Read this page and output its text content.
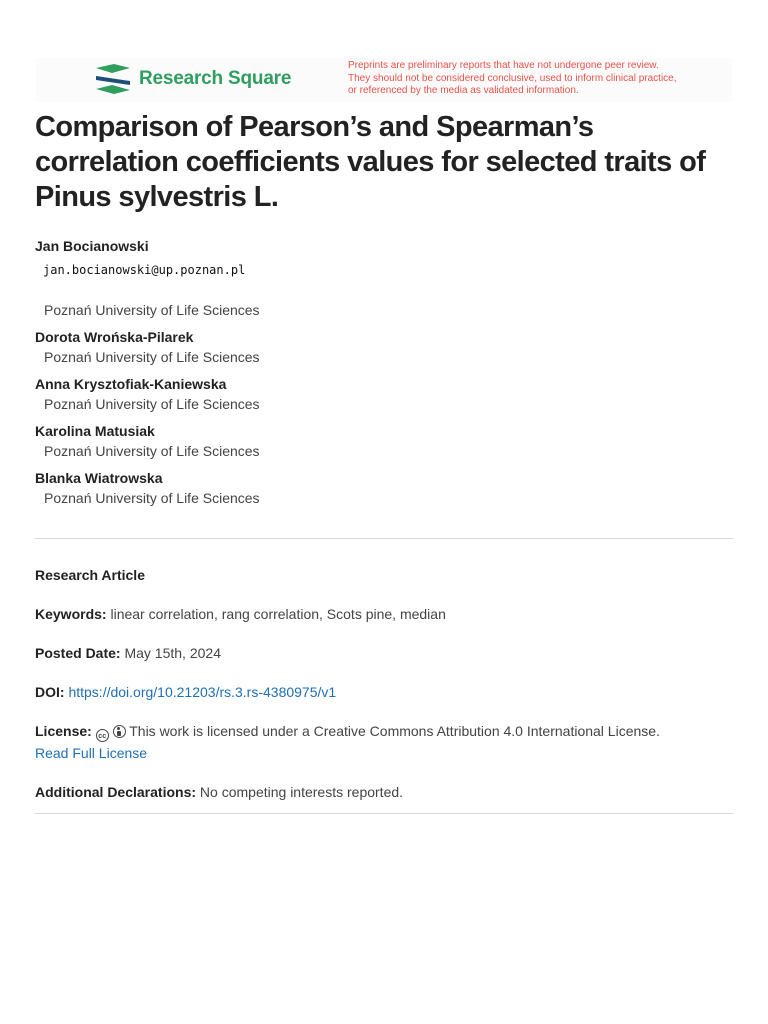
Research Square
Preprints are preliminary reports that have not undergone peer review.
They should not be considered conclusive, used to inform clinical practice,
or referenced by the media as validated information.
Comparison of Pearson’s and Spearman’s correlation coefficients values for selected traits of Pinus sylvestris L.
Jan Bocianowski
jan.bocianowski@up.poznan.pl
Poznań University of Life Sciences
Dorota Wrońska-Pilarek
Poznań University of Life Sciences
Anna Krysztofiak-Kaniewska
Poznań University of Life Sciences
Karolina Matusiak
Poznań University of Life Sciences
Blanka Wiatrowska
Poznań University of Life Sciences
Research Article
Keywords: linear correlation, rang correlation, Scots pine, median
Posted Date: May 15th, 2024
DOI: https://doi.org/10.21203/rs.3.rs-4380975/v1
License: cc This work is licensed under a Creative Commons Attribution 4.0 International License.
Read Full License
Additional Declarations: No competing interests reported.
